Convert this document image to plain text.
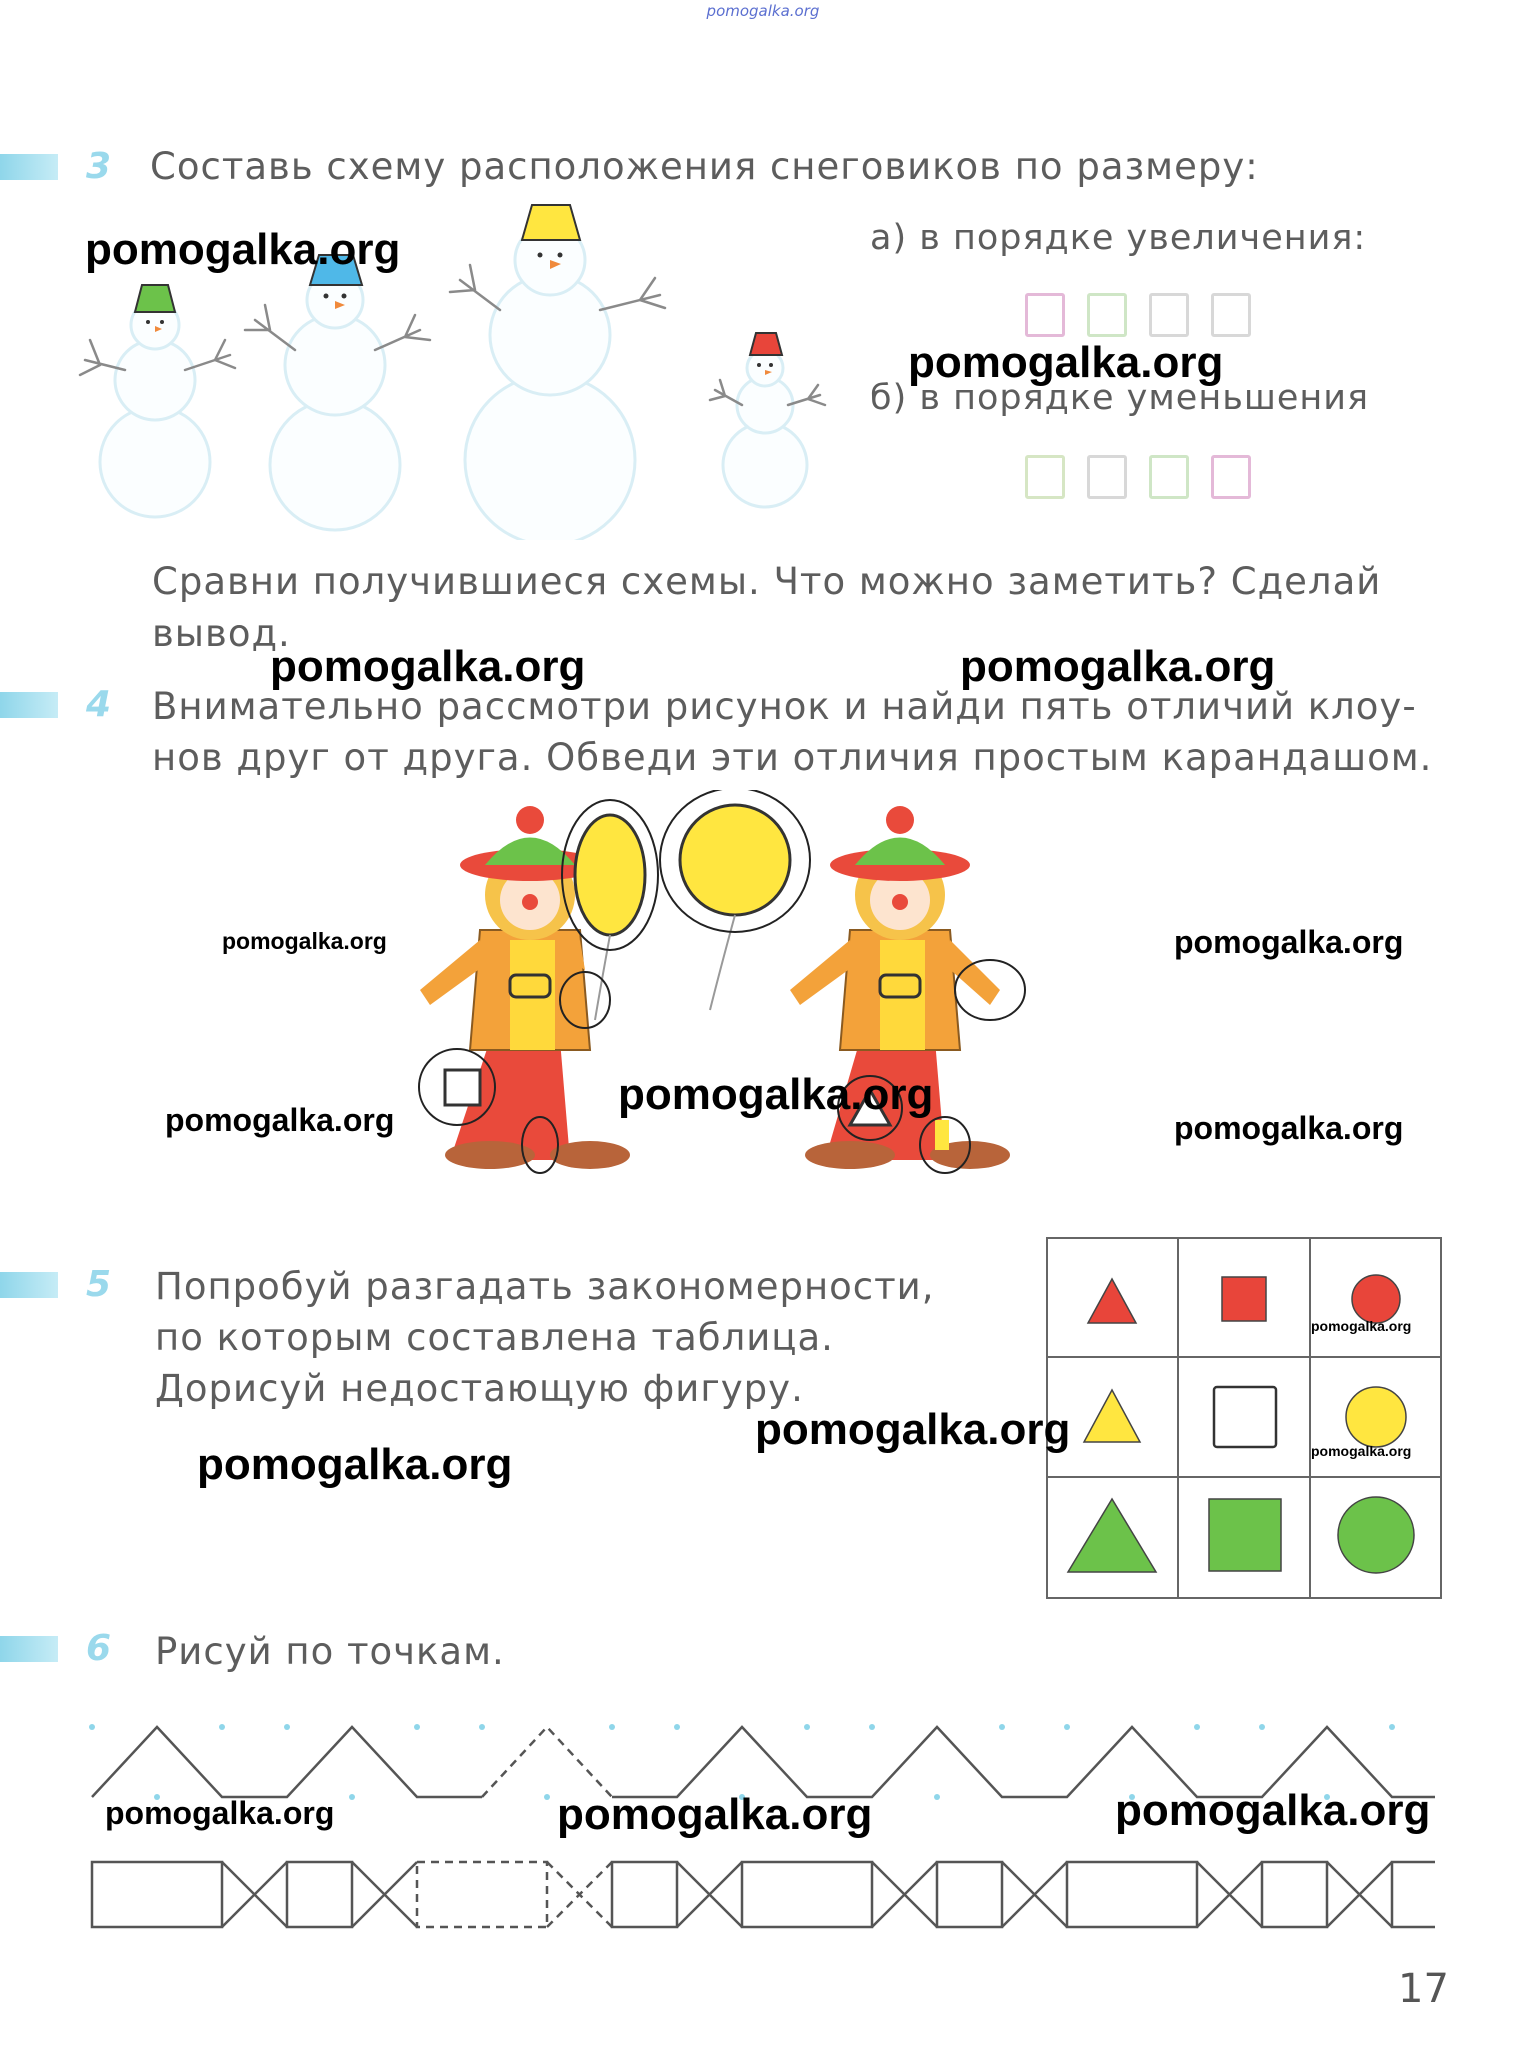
pomogalka.org
3 Составь схему расположения снеговиков по размеру:
а) в порядке увеличения:
б) в порядке уменьшения
Сравни получившиеся схемы. Что можно заметить? Сделай
вывод.
4 Внимательно рассмотри рисунок и найди пять отличий клоу-
нов друг от друга. Обведи эти отличия простым карандашом.
5 Попробуй разгадать закономерности,
по которым составлена таблица.
Дорисуй недостающую фигуру.
6 Рисуй по точкам.
17
pomogalka.org
pomogalka.org
pomogalka.org	pomogalka.org
pomogalka.org	pomogalka.org
pomogalka.org
pomogalka.org
pomogalka.org
pomogalka.org
pomogalka.org
pomogalka.org
pomogalka.org
pomogalka.org	pomogalka.org	pomogalka.org
